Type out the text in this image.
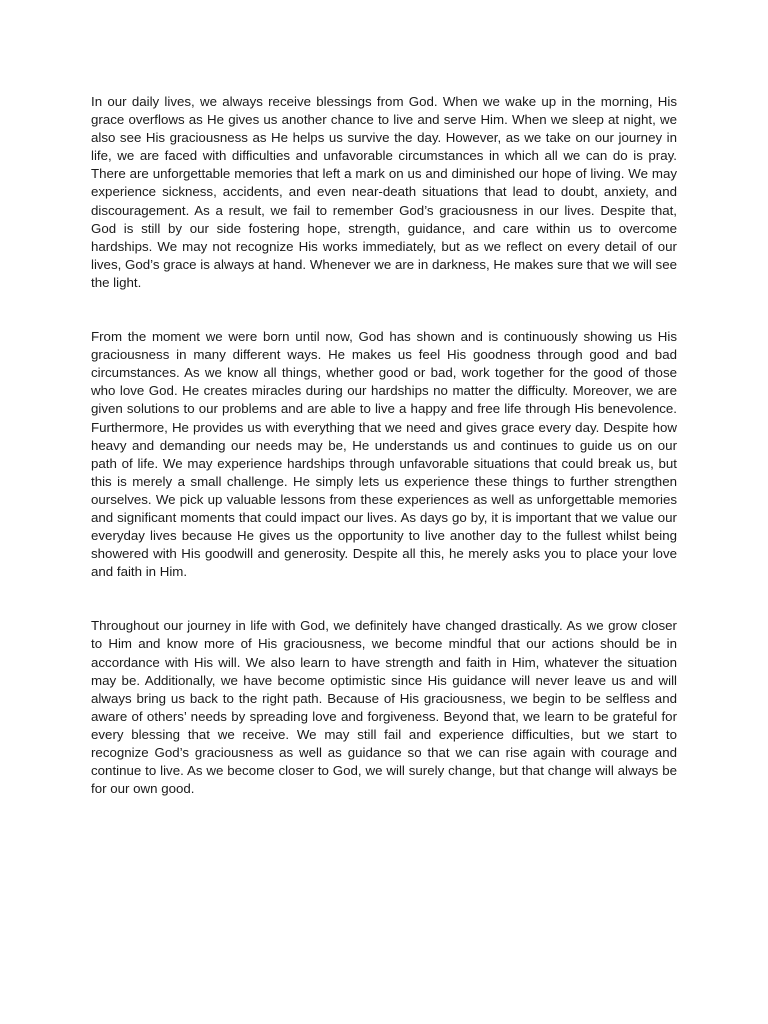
In our daily lives, we always receive blessings from God. When we wake up in the morning, His grace overflows as He gives us another chance to live and serve Him. When we sleep at night, we also see His graciousness as He helps us survive the day. However, as we take on our journey in life, we are faced with difficulties and unfavorable circumstances in which all we can do is pray. There are unforgettable memories that left a mark on us and diminished our hope of living. We may experience sickness, accidents, and even near-death situations that lead to doubt, anxiety, and discouragement. As a result, we fail to remember God’s graciousness in our lives. Despite that, God is still by our side fostering hope, strength, guidance, and care within us to overcome hardships. We may not recognize His works immediately, but as we reflect on every detail of our lives, God’s grace is always at hand. Whenever we are in darkness, He makes sure that we will see the light.

From the moment we were born until now, God has shown and is continuously showing us His graciousness in many different ways. He makes us feel His goodness through good and bad circumstances. As we know all things, whether good or bad, work together for the good of those who love God. He creates miracles during our hardships no matter the difficulty. Moreover, we are given solutions to our problems and are able to live a happy and free life through His benevolence. Furthermore, He provides us with everything that we need and gives grace every day. Despite how heavy and demanding our needs may be, He understands us and continues to guide us on our path of life. We may experience hardships through unfavorable situations that could break us, but this is merely a small challenge. He simply lets us experience these things to further strengthen ourselves. We pick up valuable lessons from these experiences as well as unforgettable memories and significant moments that could impact our lives. As days go by, it is important that we value our everyday lives because He gives us the opportunity to live another day to the fullest whilst being showered with His goodwill and generosity. Despite all this, he merely asks you to place your love and faith in Him.

Throughout our journey in life with God, we definitely have changed drastically. As we grow closer to Him and know more of His graciousness, we become mindful that our actions should be in accordance with His will. We also learn to have strength and faith in Him, whatever the situation may be. Additionally, we have become optimistic since His guidance will never leave us and will always bring us back to the right path. Because of His graciousness, we begin to be selfless and aware of others’ needs by spreading love and forgiveness. Beyond that, we learn to be grateful for every blessing that we receive. We may still fail and experience difficulties, but we start to recognize God’s graciousness as well as guidance so that we can rise again with courage and continue to live. As we become closer to God, we will surely change, but that change will always be for our own good.
